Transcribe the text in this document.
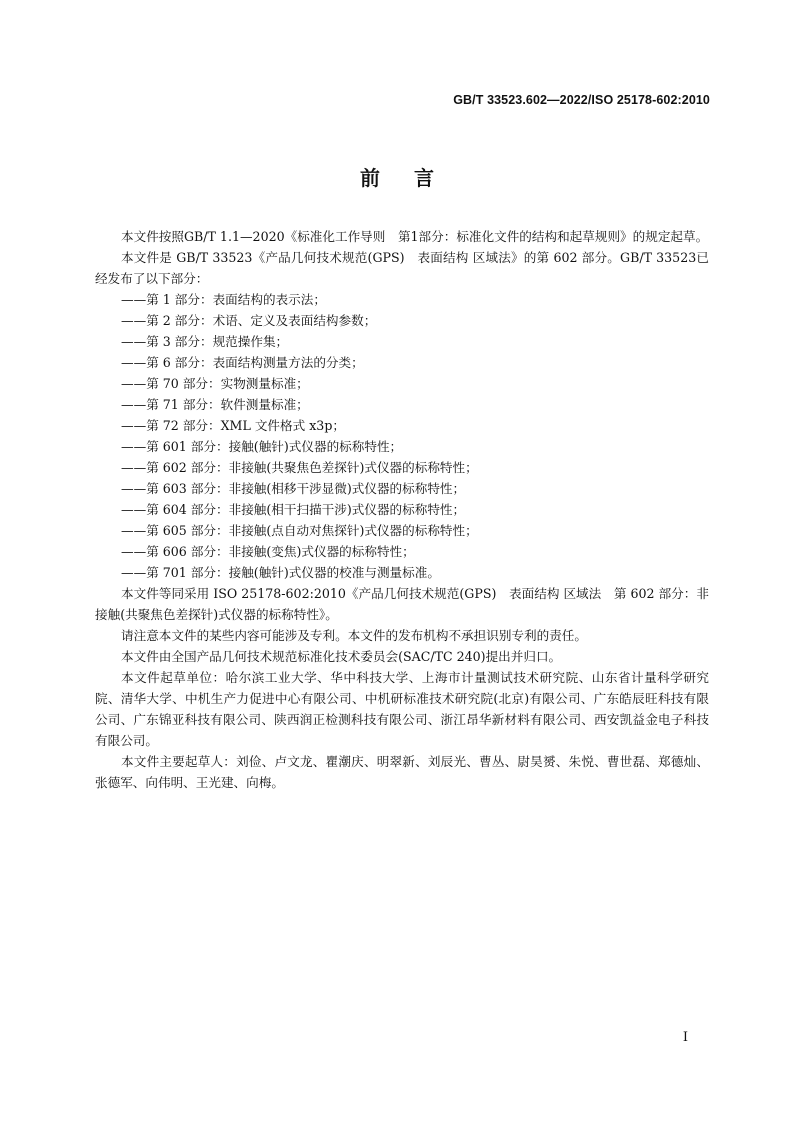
GB/T 33523.602—2022/ISO 25178-602:2010
前言

本文件按照GB/T 1.1—2020《标准化工作导则　第1部分：标准化文件的结构和起草规则》的规定起草。

本文件是 GB/T 33523《产品几何技术规范(GPS)　表面结构 区域法》的第 602 部分。GB/T 33523已经发布了以下部分：

——第 1 部分：表面结构的表示法；

——第 2 部分：术语、定义及表面结构参数；

——第 3 部分：规范操作集；

——第 6 部分：表面结构测量方法的分类；

——第 70 部分：实物测量标准；

——第 71 部分：软件测量标准；

——第 72 部分：XML 文件格式 x3p；

——第 601 部分：接触(触针)式仪器的标称特性；

——第 602 部分：非接触(共聚焦色差探针)式仪器的标称特性；

——第 603 部分：非接触(相移干涉显微)式仪器的标称特性；

——第 604 部分：非接触(相干扫描干涉)式仪器的标称特性；

——第 605 部分：非接触(点自动对焦探针)式仪器的标称特性；

——第 606 部分：非接触(变焦)式仪器的标称特性；

——第 701 部分：接触(触针)式仪器的校准与测量标准。

本文件等同采用 ISO 25178-602:2010《产品几何技术规范(GPS)　表面结构 区域法　第 602 部分：非接触(共聚焦色差探针)式仪器的标称特性》。

请注意本文件的某些内容可能涉及专利。本文件的发布机构不承担识别专利的责任。

本文件由全国产品几何技术规范标准化技术委员会(SAC/TC 240)提出并归口。

本文件起草单位：哈尔滨工业大学、华中科技大学、上海市计量测试技术研究院、山东省计量科学研究院、清华大学、中机生产力促进中心有限公司、中机研标准技术研究院(北京)有限公司、广东皓辰旺科技有限公司、广东锦亚科技有限公司、陕西润正检测科技有限公司、浙江昂华新材料有限公司、西安凯益金电子科技有限公司。

本文件主要起草人：刘俭、卢文龙、瞿潮庆、明翠新、刘辰光、曹丛、尉昊赟、朱悦、曹世磊、郑德灿、张德军、向伟明、王光建、向梅。

I
